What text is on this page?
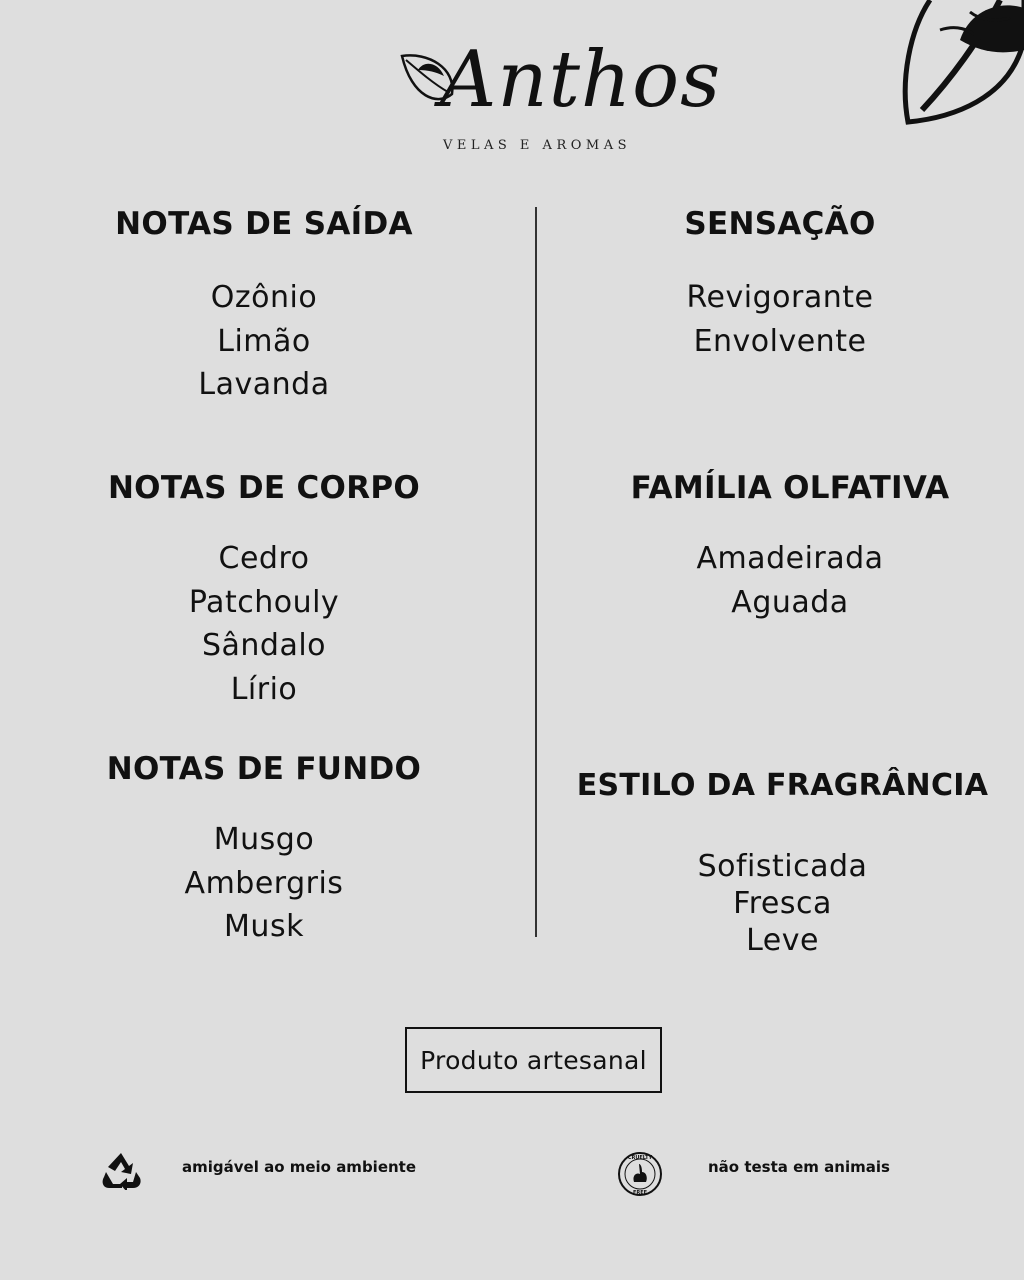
Anthos
VELAS E AROMAS
NOTAS DE SAÍDA
Ozônio
Limão
Lavanda
NOTAS DE CORPO
Cedro
Patchouly
Sândalo
Lírio
NOTAS DE FUNDO
Musgo
Ambergris
Musk
SENSAÇÃO
Revigorante
Envolvente
FAMÍLIA OLFATIVA
Amadeirada
Aguada
ESTILO DA FRAGRÂNCIA
Sofisticada
Fresca
Leve
Produto artesanal
amigável ao meio ambiente	CRUELTY
FREE
não testa em animais
